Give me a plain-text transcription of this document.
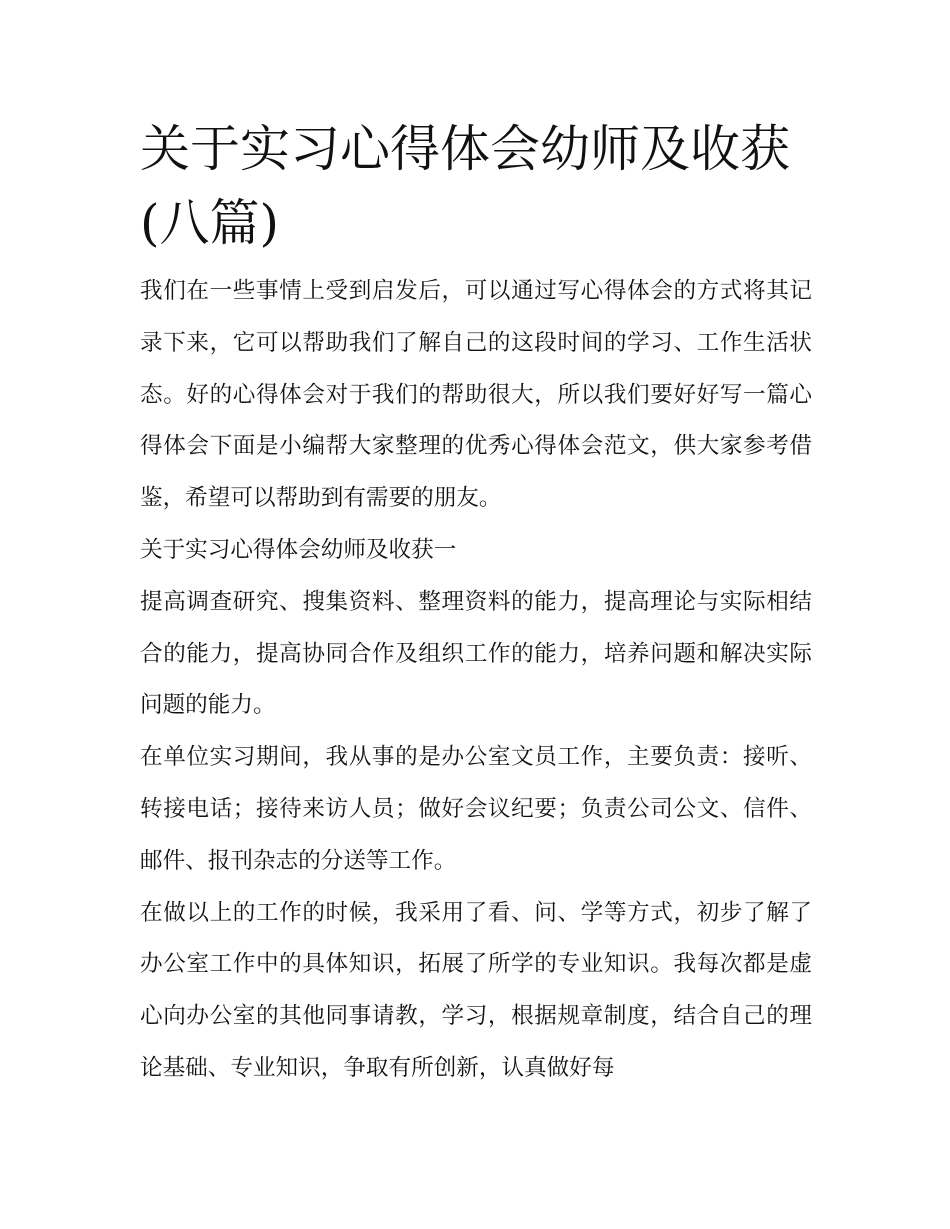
关于实习心得体会幼师及收获(八篇)

我们在一些事情上受到启发后，可以通过写心得体会的方式将其记录下来，它可以帮助我们了解自己的这段时间的学习、工作生活状态。好的心得体会对于我们的帮助很大，所以我们要好好写一篇心得体会下面是小编帮大家整理的优秀心得体会范文，供大家参考借鉴，希望可以帮助到有需要的朋友。

关于实习心得体会幼师及收获一

提高调查研究、搜集资料、整理资料的能力，提高理论与实际相结合的能力，提高协同合作及组织工作的能力，培养问题和解决实际问题的能力。

在单位实习期间，我从事的是办公室文员工作，主要负责：接听、转接电话；接待来访人员；做好会议纪要；负责公司公文、信件、邮件、报刊杂志的分送等工作。

在做以上的工作的时候，我采用了看、问、学等方式，初步了解了办公室工作中的具体知识，拓展了所学的专业知识。我每次都是虚心向办公室的其他同事请教，学习，根据规章制度，结合自己的理论基础、专业知识，争取有所创新，认真做好每
